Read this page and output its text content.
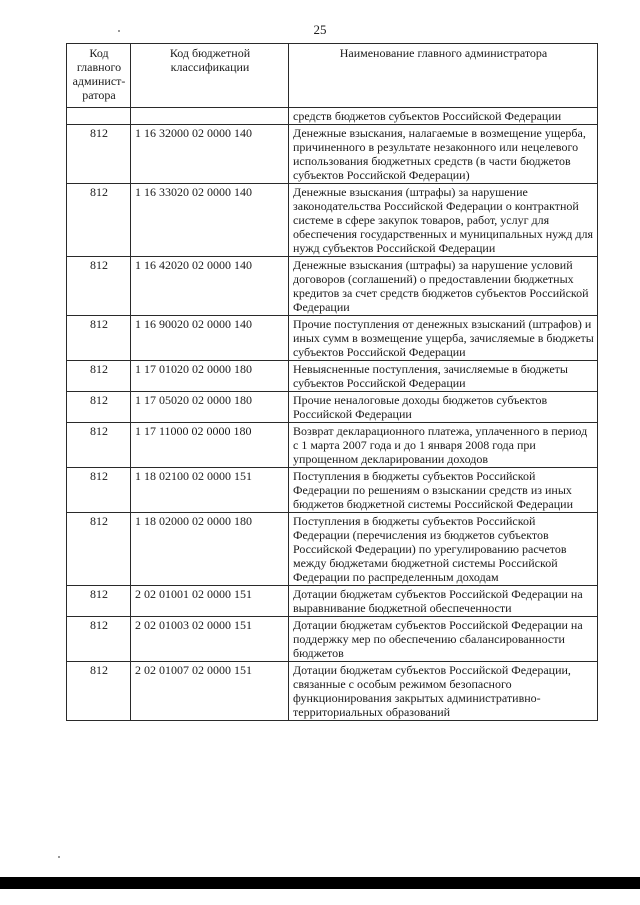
25
Код главного админист-ратора	Код бюджетной классификации	Наименование главного администратора
		средств бюджетов субъектов Российской Федерации
812	1 16 32000 02 0000 140	Денежные взыскания, налагаемые в возмещение ущерба, причиненного в результате незаконного или нецелевого использования бюджетных средств (в части бюджетов субъектов Российской Федерации)
812	1 16 33020 02 0000 140	Денежные взыскания (штрафы) за нарушение законодательства Российской Федерации о контрактной системе в сфере закупок товаров, работ, услуг для обеспечения государственных и муниципальных нужд для нужд субъектов Российской Федерации
812	1 16 42020 02 0000 140	Денежные взыскания (штрафы) за нарушение условий договоров (соглашений) о предоставлении бюджетных кредитов за счет средств бюджетов субъектов Российской Федерации
812	1 16 90020 02 0000 140	Прочие поступления от денежных взысканий (штрафов) и иных сумм в возмещение ущерба, зачисляемые в бюджеты субъектов Российской Федерации
812	1 17 01020 02 0000 180	Невыясненные поступления, зачисляемые в бюджеты субъектов Российской Федерации
812	1 17 05020 02 0000 180	Прочие неналоговые доходы бюджетов субъектов Российской Федерации
812	1 17 11000 02 0000 180	Возврат декларационного платежа, уплаченного в период с 1 марта 2007 года и до 1 января 2008 года при упрощенном декларировании доходов
812	1 18 02100 02 0000 151	Поступления в бюджеты субъектов Российской Федерации по решениям о взыскании средств из иных бюджетов бюджетной системы Российской Федерации
812	1 18 02000 02 0000 180	Поступления в бюджеты субъектов Российской Федерации (перечисления из бюджетов субъектов Российской Федерации) по урегулированию расчетов между бюджетами бюджетной системы Российской Федерации по распределенным доходам
812	2 02 01001 02 0000 151	Дотации бюджетам субъектов Российской Федерации на выравнивание бюджетной обеспеченности
812	2 02 01003 02 0000 151	Дотации бюджетам субъектов Российской Федерации на поддержку мер по обеспечению сбалансированности бюджетов
812	2 02 01007 02 0000 151	Дотации бюджетам субъектов Российской Федерации, связанные с особым режимом безопасного функционирования закрытых административно-территориальных образований
